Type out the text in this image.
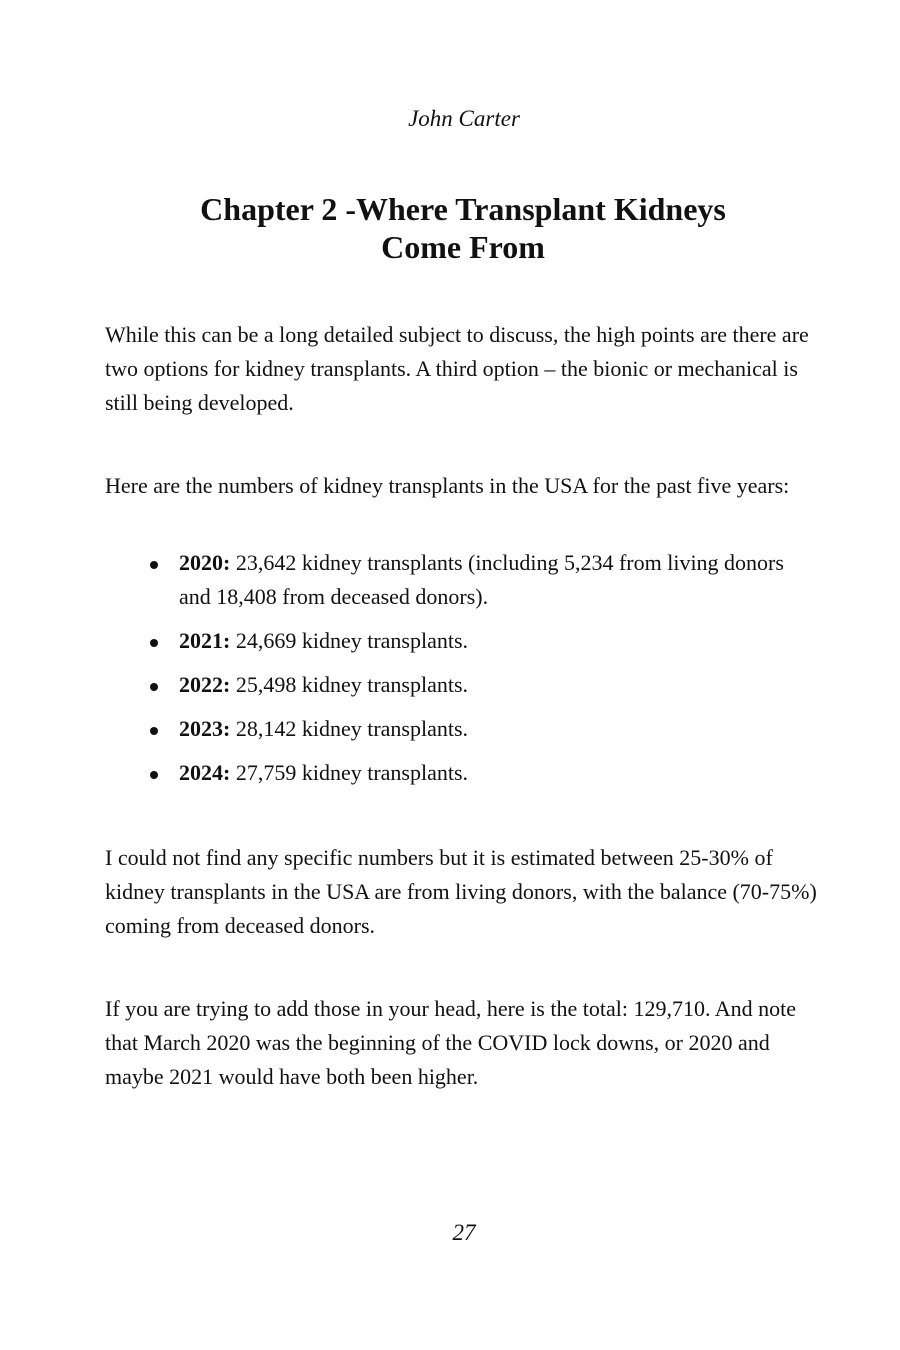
John Carter
Chapter 2 -Where Transplant Kidneys
Come From

While this can be a long detailed subject to discuss, the high points are there are two options for kidney transplants. A third option – the bionic or mechanical is still being developed.

Here are the numbers of kidney transplants in the USA for the past five years:

2020: 23,642 kidney transplants (including 5,234 from living donors and 18,408 from deceased donors).
2021: 24,669 kidney transplants.
2022: 25,498 kidney transplants.
2023: 28,142 kidney transplants.
2024: 27,759 kidney transplants.

I could not find any specific numbers but it is estimated between 25-30% of kidney transplants in the USA are from living donors, with the balance (70-75%) coming from deceased donors.

If you are trying to add those in your head, here is the total: 129,710. And note that March 2020 was the beginning of the COVID lock downs, or 2020 and maybe 2021 would have both been higher.

27
